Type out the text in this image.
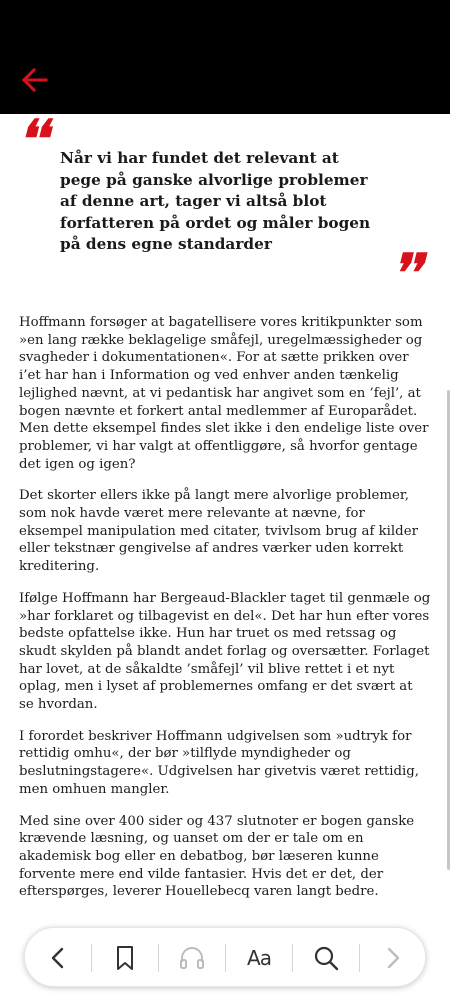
❛❛ Når vi har fundet det relevant at pege på ganske alvorlige problemer af denne art, tager vi altså blot forfatteren på ordet og måler bogen på dens egne standarder	❜❜

Hoffmann forsøger at bagatellisere vores kritikpunkter som »en lang række beklagelige småfejl, uregelmæssigheder og svagheder i dokumentationen«. For at sætte prikken over i’et har han i Information og ved enhver anden tænkelig lejlighed nævnt, at vi pedantisk har angivet som en ’fejl’, at bogen nævnte et forkert antal medlemmer af Europarådet. Men dette eksempel findes slet ikke i den endelige liste over problemer, vi har valgt at offentliggøre, så hvorfor gentage det igen og igen?

Det skorter ellers ikke på langt mere alvorlige problemer, som nok havde været mere relevante at nævne, for eksempel manipulation med citater, tvivlsom brug af kilder eller tekstnær gengivelse af andres værker uden korrekt kreditering.

Ifølge Hoffmann har Bergeaud-Blackler taget til genmæle og »har forklaret og tilbagevist en del«. Det har hun efter vores bedste opfattelse ikke. Hun har truet os med retssag og skudt skylden på blandt andet forlag og oversætter. Forlaget har lovet, at de såkaldte ’småfejl’ vil blive rettet i et nyt oplag, men i lyset af problemernes omfang er det svært at se hvordan.

I forordet beskriver Hoffmann udgivelsen som »udtryk for rettidig omhu«, der bør »tilflyde myndigheder og beslutningstagere«. Udgivelsen har givetvis været rettidig, men omhuen mangler.

Med sine over 400 sider og 437 slutnoter er bogen ganske krævende læsning, og uanset om der er tale om en akademisk bog eller en debatbog, bør læseren kunne forvente mere end vilde fantasier. Hvis det er det, der efterspørges, leverer Houellebecq varen langt bedre.

Aa
